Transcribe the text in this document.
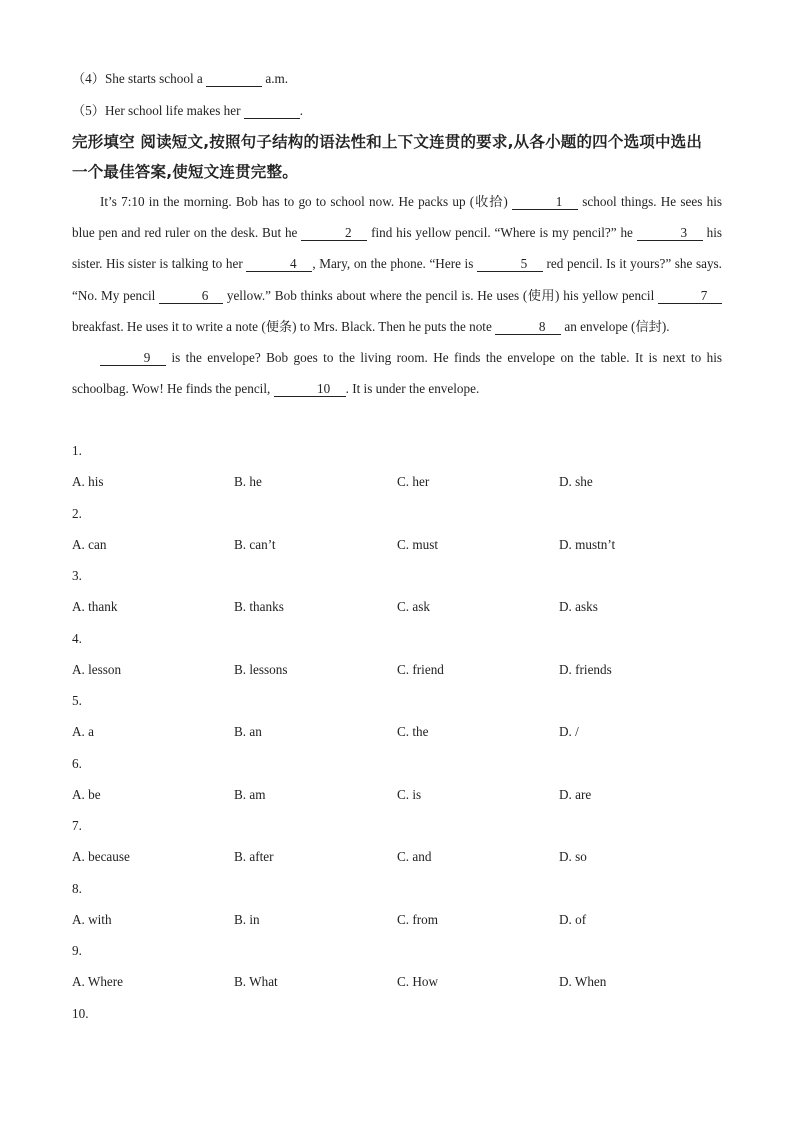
（4）She starts school a	a.m.
（5）Her school life makes her	.
完形填空 阅读短文,按照句子结构的语法性和上下文连贯的要求,从各小题的四个选项中选出
一个最佳答案,使短文连贯完整。

It’s 7:10 in the morning. Bob has to go to school now. He packs up (收拾)	1 school things. He sees his blue pen and red ruler on the desk. But he	2 find his yellow pencil. “Where is my pencil?” he	3 his sister. His sister is talking to her	4 , Mary, on the phone. “Here is	5 red pencil. Is it yours?” she says. “No. My pencil	6 yellow.” Bob thinks about where the pencil is. He uses (使用) his yellow pencil	7 breakfast. He uses it to write a note (便条) to Mrs. Black. Then he puts the note	8 an envelope (信封).

9 is the envelope? Bob goes to the living room. He finds the envelope on the table. It is next to his schoolbag. Wow! He finds the pencil,	10 . It is under the envelope.

1.
A. his	B. he	C. her	D. she
2.
A. can	B. can’t	C. must	D. mustn’t
3.
A. thank	B. thanks	C. ask	D. asks
4.
A. lesson	B. lessons	C. friend	D. friends
5.
A. a	B. an	C. the	D. /
6.
A. be	B. am	C. is	D. are
7.
A. because	B. after	C. and	D. so
8.
A. with	B. in	C. from	D. of
9.
A. Where	B. What	C. How	D. When
10.
